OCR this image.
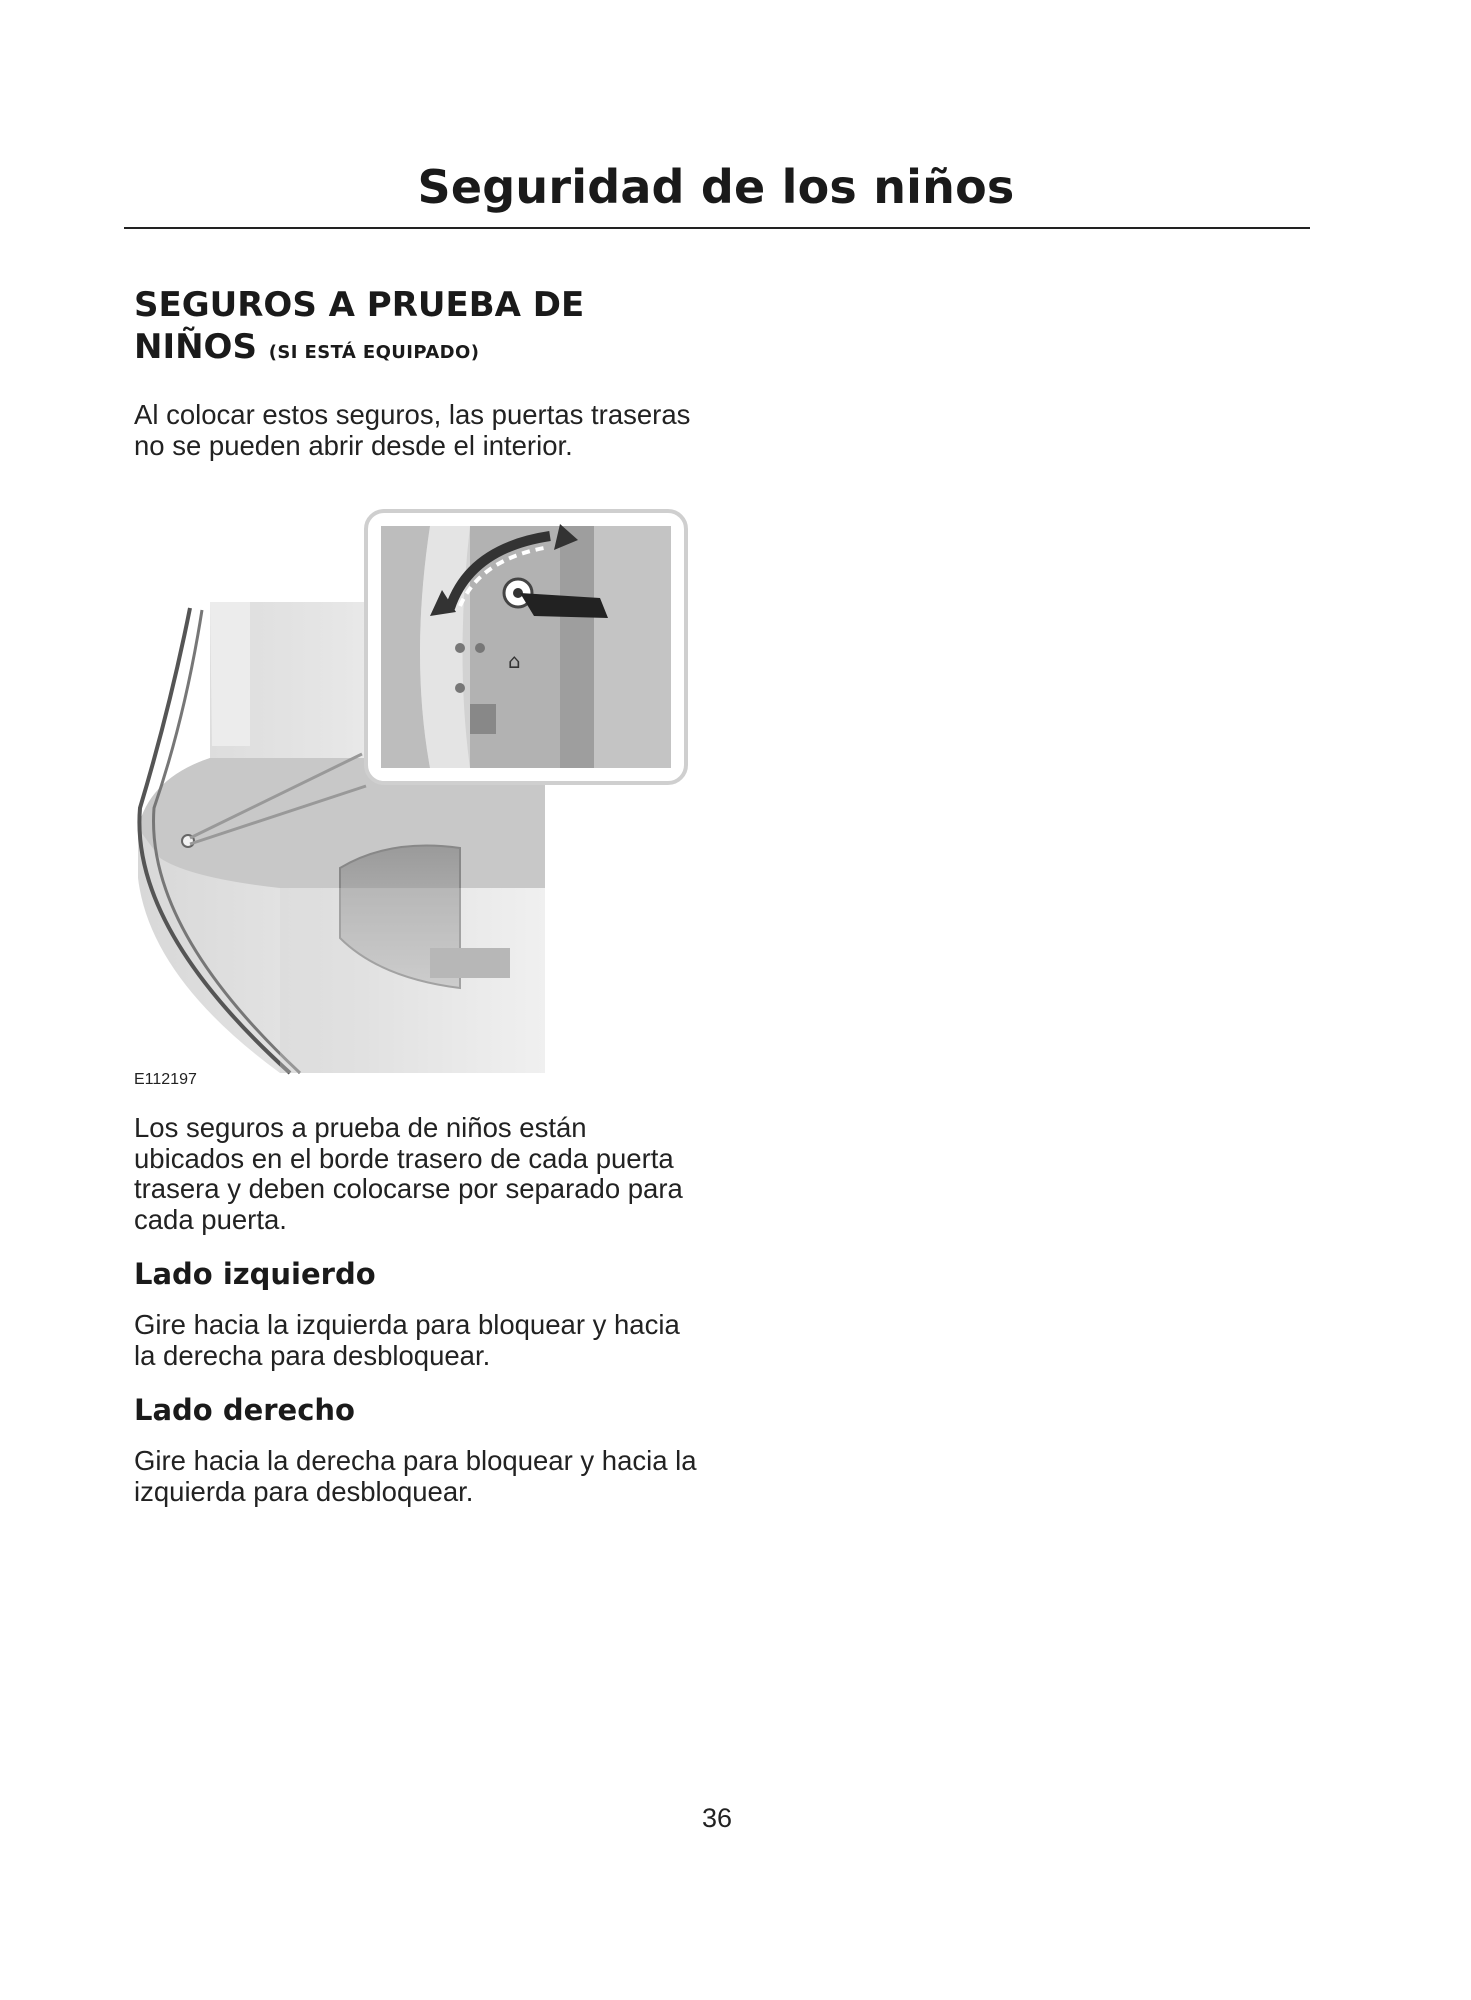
Seguridad de los niños
SEGUROS A PRUEBA DE
NIÑOS (SI ESTÁ EQUIPADO)
Al colocar estos seguros, las puertas traseras no se pueden abrir desde el interior.
⌂
E112197
Los seguros a prueba de niños están ubicados en el borde trasero de cada puerta trasera y deben colocarse por separado para cada puerta.
Lado izquierdo
Gire hacia la izquierda para bloquear y hacia la derecha para desbloquear.
Lado derecho
Gire hacia la derecha para bloquear y hacia la izquierda para desbloquear.
36
